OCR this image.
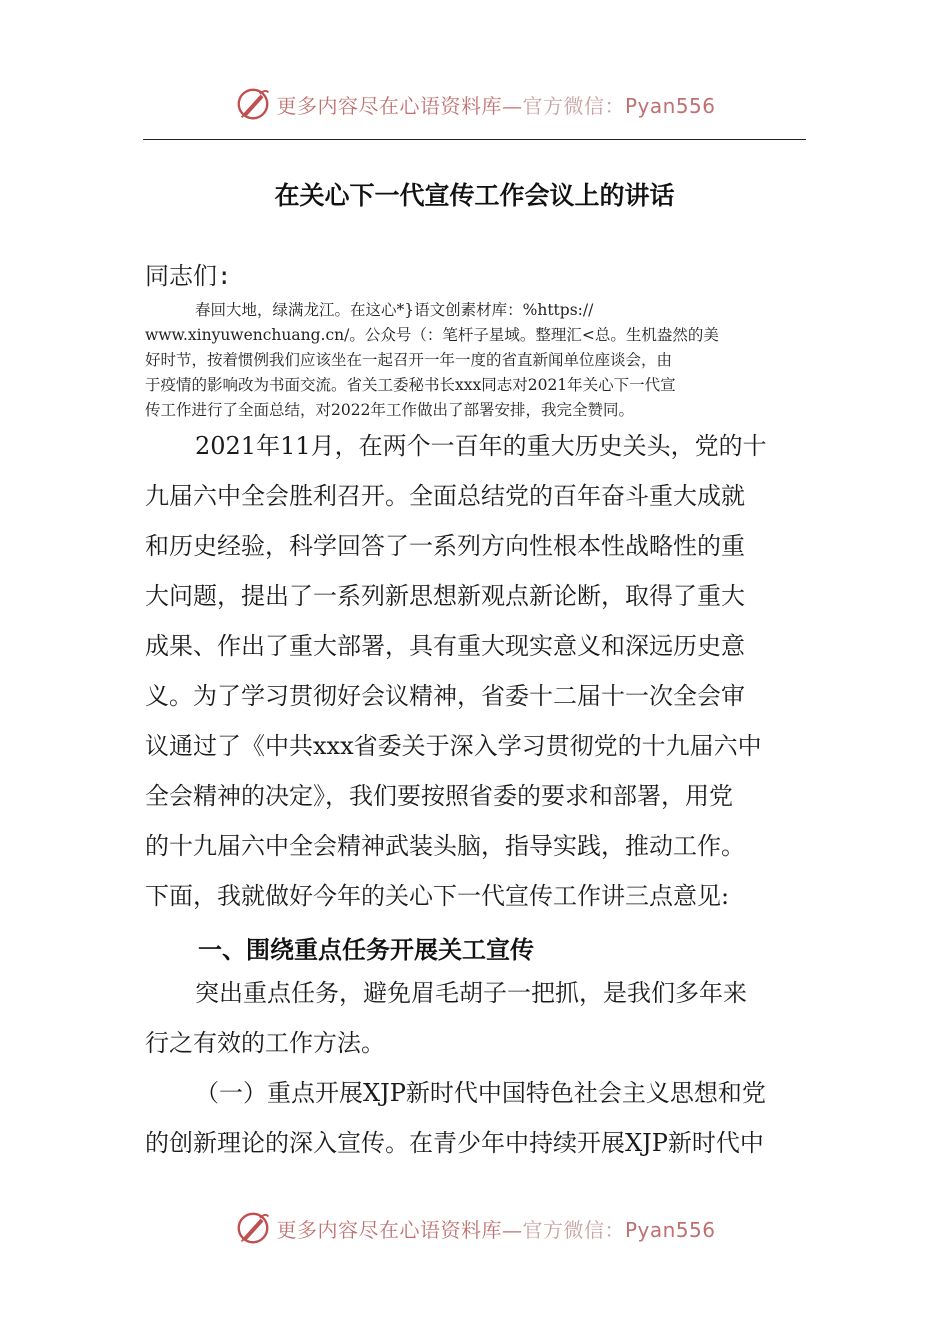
更多内容尽在心语资料库—官方微信：Pyan556
在关心下一代宣传工作会议上的讲话
同志们:
春回大地，绿满龙江。在这心*}语文创素材库：%https://
www.xinyuwenchuang.cn/。公众号（：笔杆子星域。整理汇<总。生机盎然的美
好时节，按着惯例我们应该坐在一起召开一年一度的省直新闻单位座谈会，由
于疫情的影响改为书面交流。省关工委秘书长xxx同志对2021年关心下一代宣
传工作进行了全面总结，对2022年工作做出了部署安排，我完全赞同。
2021年11月，在两个一百年的重大历史关头，党的十
九届六中全会胜利召开。全面总结党的百年奋斗重大成就
和历史经验，科学回答了一系列方向性根本性战略性的重
大问题，提出了一系列新思想新观点新论断，取得了重大
成果、作出了重大部署，具有重大现实意义和深远历史意
义。为了学习贯彻好会议精神，省委十二届十一次全会审
议通过了《中共xxx省委关于深入学习贯彻党的十九届六中
全会精神的决定》，我们要按照省委的要求和部署，用党
的十九届六中全会精神武装头脑，指导实践，推动工作。
下面，我就做好今年的关心下一代宣传工作讲三点意见:
一、围绕重点任务开展关工宣传
突出重点任务，避免眉毛胡子一把抓，是我们多年来
行之有效的工作方法。
（一）重点开展XJP新时代中国特色社会主义思想和党
的创新理论的深入宣传。在青少年中持续开展XJP新时代中
更多内容尽在心语资料库—官方微信：Pyan556
